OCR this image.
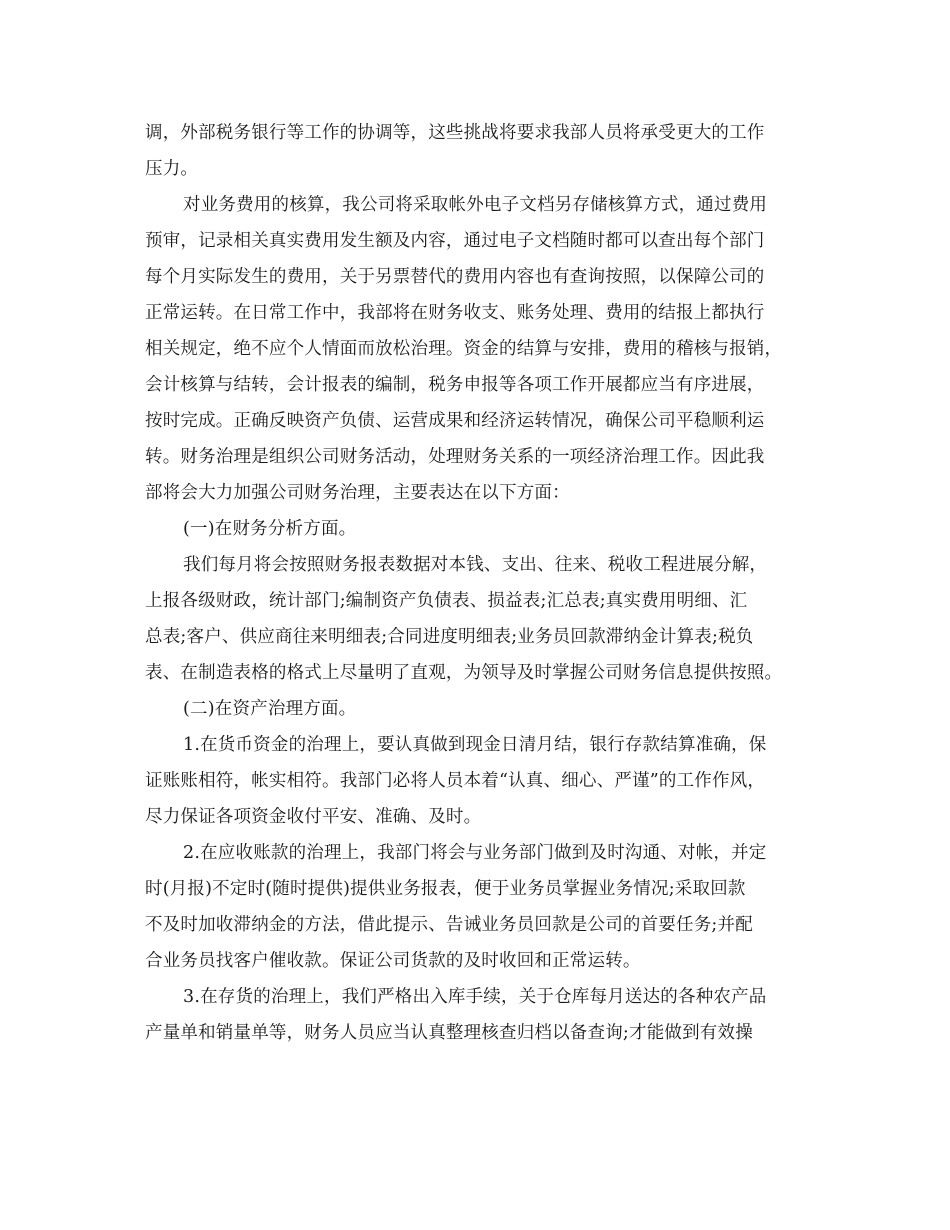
调，外部税务银行等工作的协调等，这些挑战将要求我部人员将承受更大的工作
压力。
对业务费用的核算，我公司将采取帐外电子文档另存储核算方式，通过费用
预审，记录相关真实费用发生额及内容，通过电子文档随时都可以查出每个部门
每个月实际发生的费用，关于另票替代的费用内容也有查询按照，以保障公司的
正常运转。在日常工作中，我部将在财务收支、账务处理、费用的结报上都执行
相关规定，绝不应个人情面而放松治理。资金的结算与安排，费用的稽核与报销，
会计核算与结转，会计报表的编制，税务申报等各项工作开展都应当有序进展，
按时完成。正确反映资产负债、运营成果和经济运转情况，确保公司平稳顺利运
转。财务治理是组织公司财务活动，处理财务关系的一项经济治理工作。因此我
部将会大力加强公司财务治理，主要表达在以下方面：
(一)在财务分析方面。
我们每月将会按照财务报表数据对本钱、支出、往来、税收工程进展分解，
上报各级财政，统计部门;编制资产负债表、损益表;汇总表;真实费用明细、汇
总表;客户、供应商往来明细表;合同进度明细表;业务员回款滞纳金计算表;税负
表、在制造表格的格式上尽量明了直观，为领导及时掌握公司财务信息提供按照。
(二)在资产治理方面。
1.在货币资金的治理上，要认真做到现金日清月结，银行存款结算准确，保
证账账相符，帐实相符。我部门必将人员本着“认真、细心、严谨”的工作作风，
尽力保证各项资金收付平安、准确、及时。
2.在应收账款的治理上，我部门将会与业务部门做到及时沟通、对帐，并定
时(月报)不定时(随时提供)提供业务报表，便于业务员掌握业务情况;采取回款
不及时加收滞纳金的方法，借此提示、告诫业务员回款是公司的首要任务;并配
合业务员找客户催收款。保证公司货款的及时收回和正常运转。
3.在存货的治理上，我们严格出入库手续，关于仓库每月送达的各种农产品
产量单和销量单等，财务人员应当认真整理核查归档以备查询;才能做到有效操
